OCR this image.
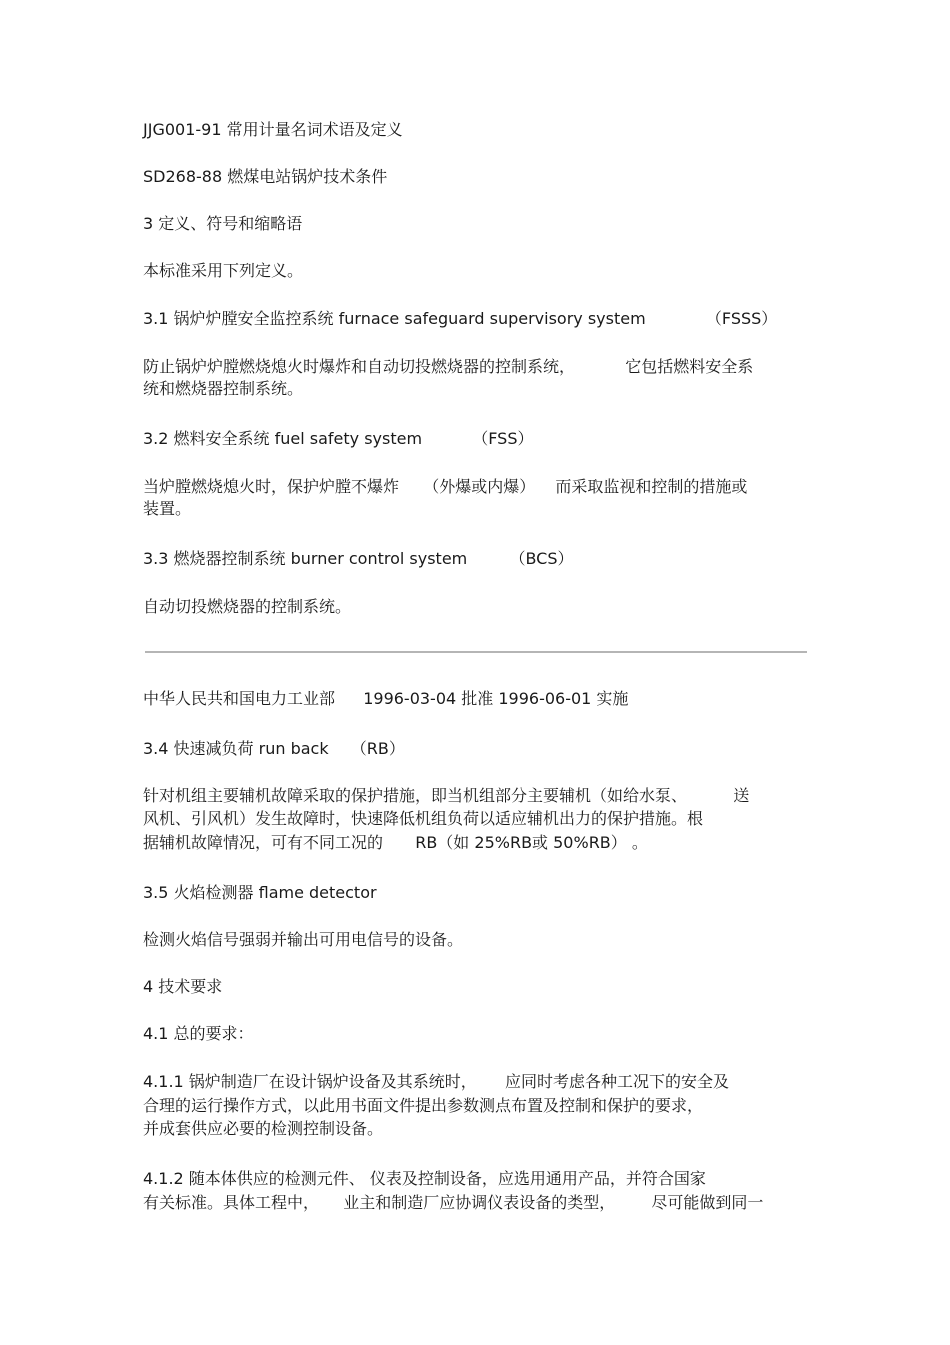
JJG001-91 常用计量名词术语及定义
SD268-88 燃煤电站锅炉技术条件
3 定义、符号和缩略语
本标准采用下列定义。
3.1 锅炉炉膛安全监控系统 furnace safeguard supervisory system	（FSSS）
防止锅炉炉膛燃烧熄火时爆炸和自动切投燃烧器的控制系统，	它包括燃料安全系
统和燃烧器控制系统。
3.2 燃料安全系统 fuel safety system	（FSS）
当炉膛燃烧熄火时，保护炉膛不爆炸 （外爆或内爆） 而采取监视和控制的措施或
装置。
3.3 燃烧器控制系统 burner control system	（BCS）
自动切投燃烧器的控制系统。
中华人民共和国电力工业部 1996-03-04 批准 1996-06-01 实施
3.4 快速减负荷 run back （RB）
针对机组主要辅机故障采取的保护措施，即当机组部分主要辅机（如给水泵、	送
风机、引风机）发生故障时，快速降低机组负荷以适应辅机出力的保护措施。根
据辅机故障情况，可有不同工况的 RB（如 25%RB或 50%RB） 。
3.5 火焰检测器 flame detector
检测火焰信号强弱并输出可用电信号的设备。
4 技术要求
4.1 总的要求：
4.1.1 锅炉制造厂在设计锅炉设备及其系统时， 应同时考虑各种工况下的安全及
合理的运行操作方式，以此用书面文件提出参数测点布置及控制和保护的要求，
并成套供应必要的检测控制设备。
4.1.2 随本体供应的检测元件、 仪表及控制设备，应选用通用产品，并符合国家
有关标准。具体工程中， 业主和制造厂应协调仪表设备的类型， 尽可能做到同一
